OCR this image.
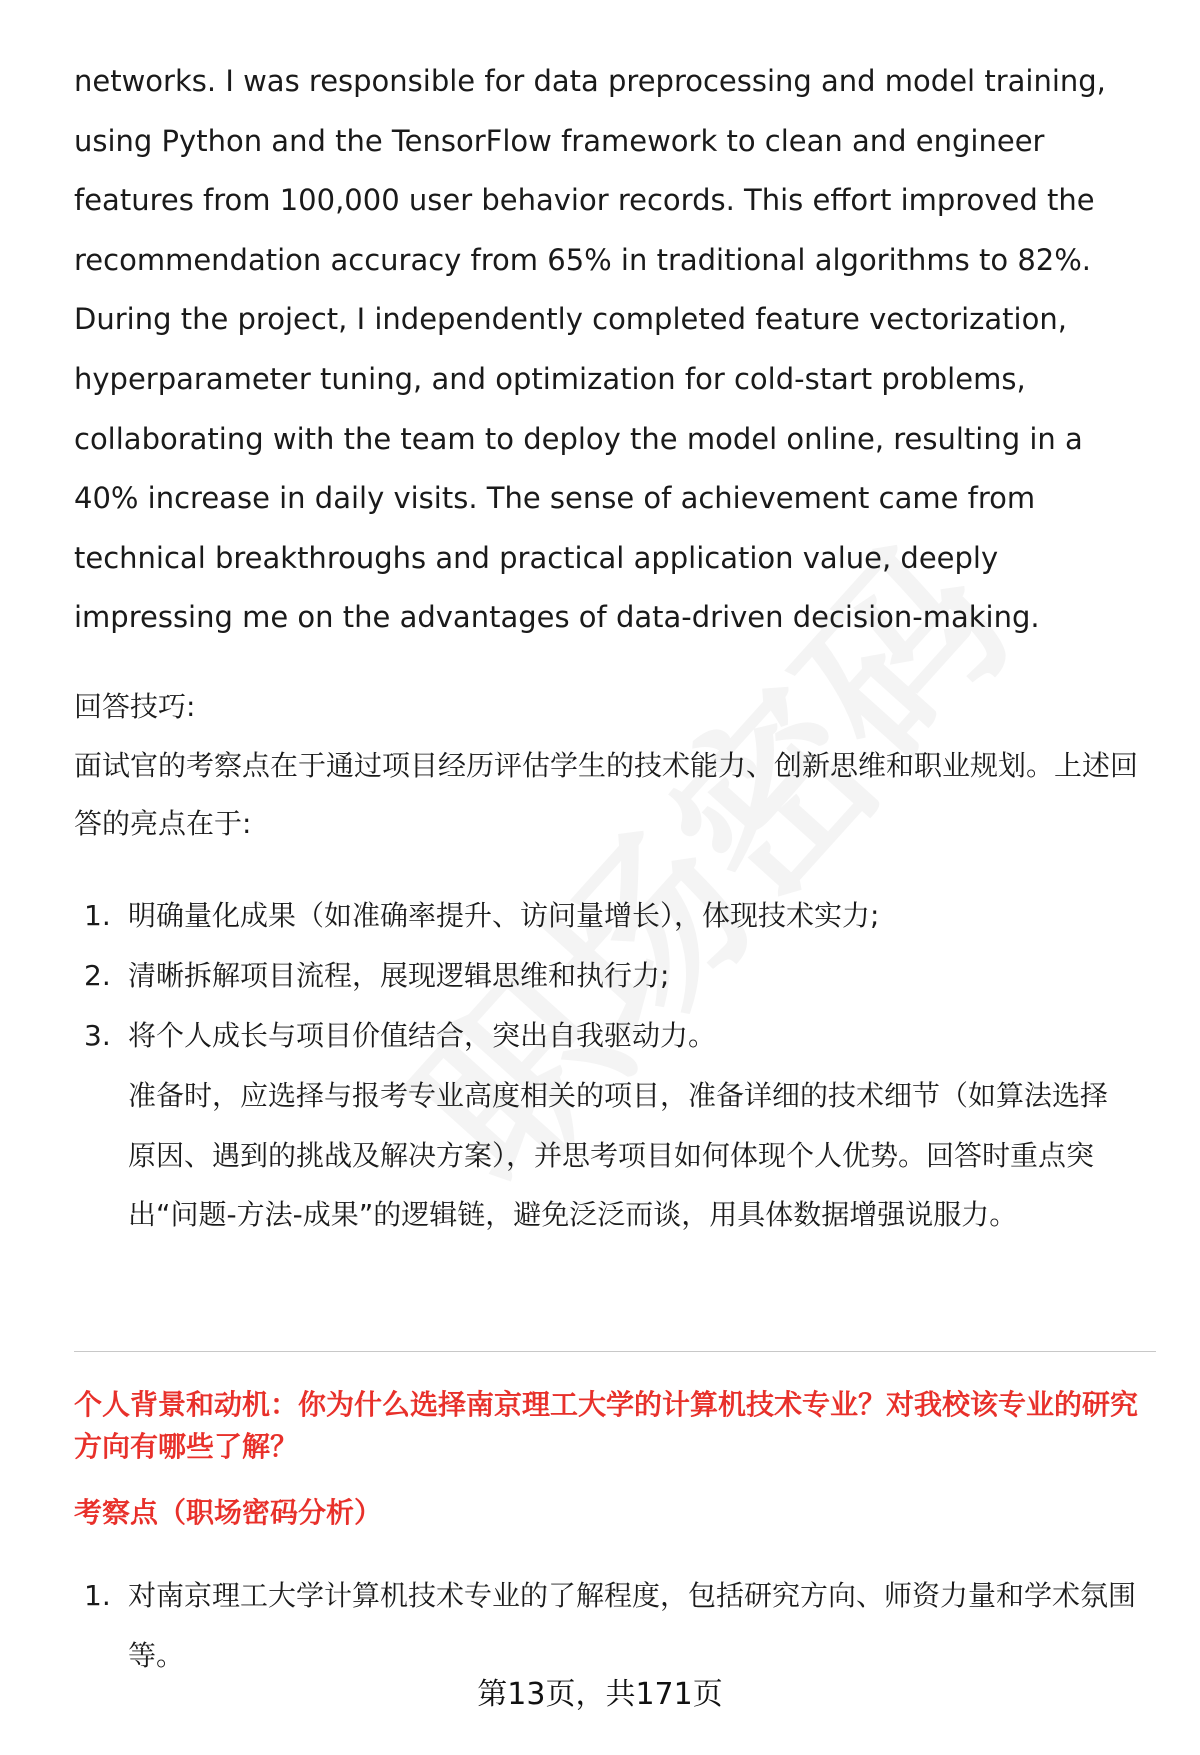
networks. I was responsible for data preprocessing and model training, using Python and the TensorFlow framework to clean and engineer features from 100,000 user behavior records. This effort improved the recommendation accuracy from 65% in traditional algorithms to 82%. During the project, I independently completed feature vectorization, hyperparameter tuning, and optimization for cold-start problems, collaborating with the team to deploy the model online, resulting in a 40% increase in daily visits. The sense of achievement came from technical breakthroughs and practical application value, deeply impressing me on the advantages of data-driven decision-making.

回答技巧:

面试官的考察点在于通过项目经历评估学生的技术能力、创新思维和职业规划。上述回答的亮点在于:

1. 明确量化成果（如准确率提升、访问量增长），体现技术实力;
2. 清晰拆解项目流程，展现逻辑思维和执行力;
3. 将个人成长与项目价值结合，突出自我驱动力。

准备时，应选择与报考专业高度相关的项目，准备详细的技术细节（如算法选择原因、遇到的挑战及解决方案），并思考项目如何体现个人优势。回答时重点突出“问题-方法-成果”的逻辑链，避免泛泛而谈，用具体数据增强说服力。

个人背景和动机：你为什么选择南京理工大学的计算机技术专业？对我校该专业的研究方向有哪些了解？

考察点（职场密码分析）

1. 对南京理工大学计算机技术专业的了解程度，包括研究方向、师资力量和学术氛围等。
第13页，共171页
